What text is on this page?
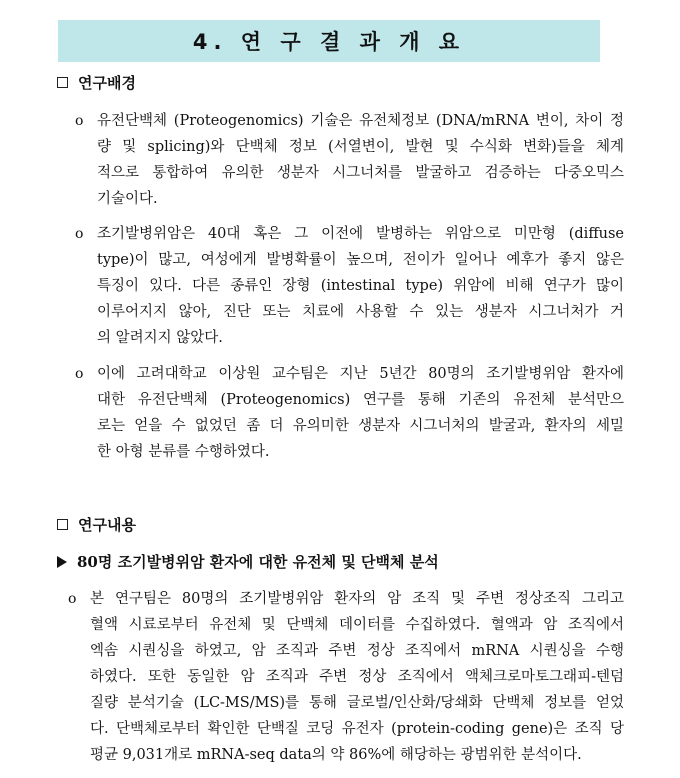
4. 연 구 결 과 개 요
연구배경
ο 유전단백체 (Proteogenomics) 기술은 유전체정보 (DNA/mRNA 변이, 차이 정
량 및 splicing)와 단백체 정보 (서열변이, 발현 및 수식화 변화)들을 체계
적으로 통합하여 유의한 생분자 시그너처를 발굴하고 검증하는 다중오믹스
기술이다.
ο 조기발병위암은 40대 혹은 그 이전에 발병하는 위암으로 미만형 (diffuse
type)이 많고, 여성에게 발병확률이 높으며, 전이가 일어나 예후가 좋지 않은
특징이 있다. 다른 종류인 장형 (intestinal type) 위암에 비해 연구가 많이
이루어지지 않아, 진단 또는 치료에 사용할 수 있는 생분자 시그너처가 거
의 알려지지 않았다.
ο 이에 고려대학교 이상원 교수팀은 지난 5년간 80명의 조기발병위암 환자에
대한 유전단백체 (Proteogenomics) 연구를 통해 기존의 유전체 분석만으
로는 얻을 수 없었던 좀 더 유의미한 생분자 시그너처의 발굴과, 환자의 세밀
한 아형 분류를 수행하였다.
연구내용
80명 조기발병위암 환자에 대한 유전체 및 단백체 분석
ο 본 연구팀은 80명의 조기발병위암 환자의 암 조직 및 주변 정상조직 그리고
혈액 시료로부터 유전체 및 단백체 데이터를 수집하였다. 혈액과 암 조직에서
엑솜 시퀀싱을 하였고, 암 조직과 주변 정상 조직에서 mRNA 시퀀싱을 수행
하였다. 또한 동일한 암 조직과 주변 정상 조직에서 액체크로마토그래피-텐덤
질량 분석기술 (LC-MS/MS)를 통해 글로벌/인산화/당쇄화 단백체 정보를 얻었
다. 단백체로부터 확인한 단백질 코딩 유전자 (protein-coding gene)은 조직 당
평균 9,031개로 mRNA-seq data의 약 86%에 해당하는 광범위한 분석이다.
